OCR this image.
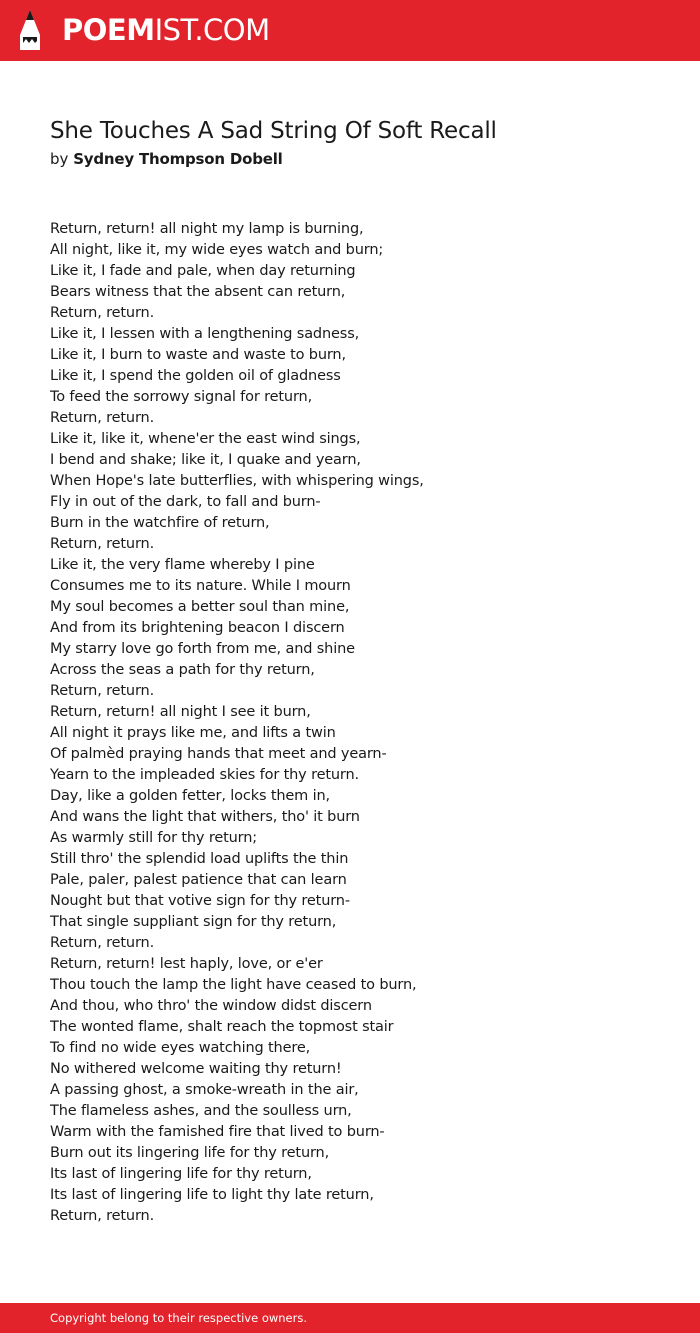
POEMIST.COM
She Touches A Sad String Of Soft Recall
by Sydney Thompson Dobell
Return, return! all night my lamp is burning,
All night, like it, my wide eyes watch and burn;
Like it, I fade and pale, when day returning
Bears witness that the absent can return,
Return, return.
Like it, I lessen with a lengthening sadness,
Like it, I burn to waste and waste to burn,
Like it, I spend the golden oil of gladness
To feed the sorrowy signal for return,
Return, return.
Like it, like it, whene'er the east wind sings,
I bend and shake; like it, I quake and yearn,
When Hope's late butterflies, with whispering wings,
Fly in out of the dark, to fall and burn-
Burn in the watchfire of return,
Return, return.
Like it, the very flame whereby I pine
Consumes me to its nature. While I mourn
My soul becomes a better soul than mine,
And from its brightening beacon I discern
My starry love go forth from me, and shine
Across the seas a path for thy return,
Return, return.
Return, return! all night I see it burn,
All night it prays like me, and lifts a twin
Of palmèd praying hands that meet and yearn-
Yearn to the impleaded skies for thy return.
Day, like a golden fetter, locks them in,
And wans the light that withers, tho' it burn
As warmly still for thy return;
Still thro' the splendid load uplifts the thin
Pale, paler, palest patience that can learn
Nought but that votive sign for thy return-
That single suppliant sign for thy return,
Return, return.
Return, return! lest haply, love, or e'er
Thou touch the lamp the light have ceased to burn,
And thou, who thro' the window didst discern
The wonted flame, shalt reach the topmost stair
To find no wide eyes watching there,
No withered welcome waiting thy return!
A passing ghost, a smoke-wreath in the air,
The flameless ashes, and the soulless urn,
Warm with the famished fire that lived to burn-
Burn out its lingering life for thy return,
Its last of lingering life for thy return,
Its last of lingering life to light thy late return,
Return, return.
Copyright belong to their respective owners.
